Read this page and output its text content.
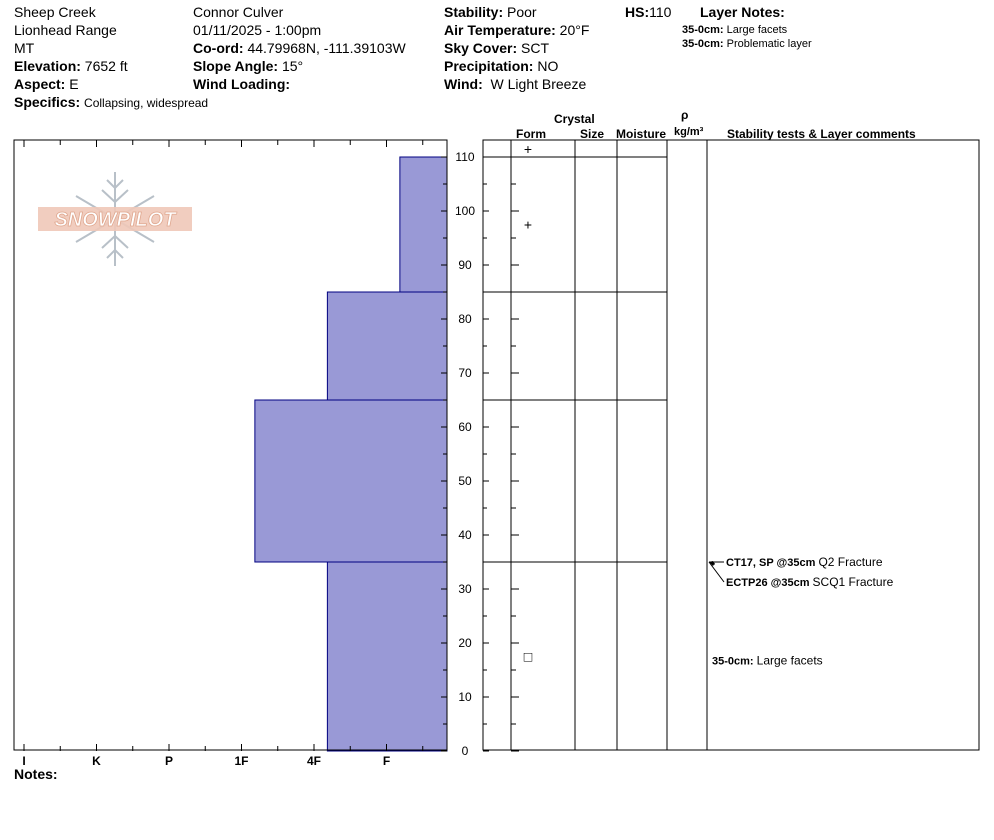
Sheep Creek
Lionhead Range
MT
Elevation: 7652 ft
Aspect: E
Specifics: Collapsing, widespread
Connor Culver
01/11/2025 - 1:00pm
Co-ord: 44.79968N, -111.39103W
Slope Angle: 15°
Wind Loading:
Stability: Poor
Air Temperature: 20°F
Sky Cover: SCT
Precipitation: NO
Wind: W Light Breeze
HS:110 Layer Notes:
35-0cm: Large facets
35-0cm: Problematic layer
Crystal
Form	Size Moisture
ρ
kg/m³ Stability tests & Layer comments
I	K	P	1F	4F	F
0
10
20
30
40
50
60
70
80
90
100
110
+
+
□
CT17, SP @35cm Q2 Fracture
ECTP26 @35cm SCQ1 Fracture
35-0cm: Large facets
SNOWPILOT
Notes:
